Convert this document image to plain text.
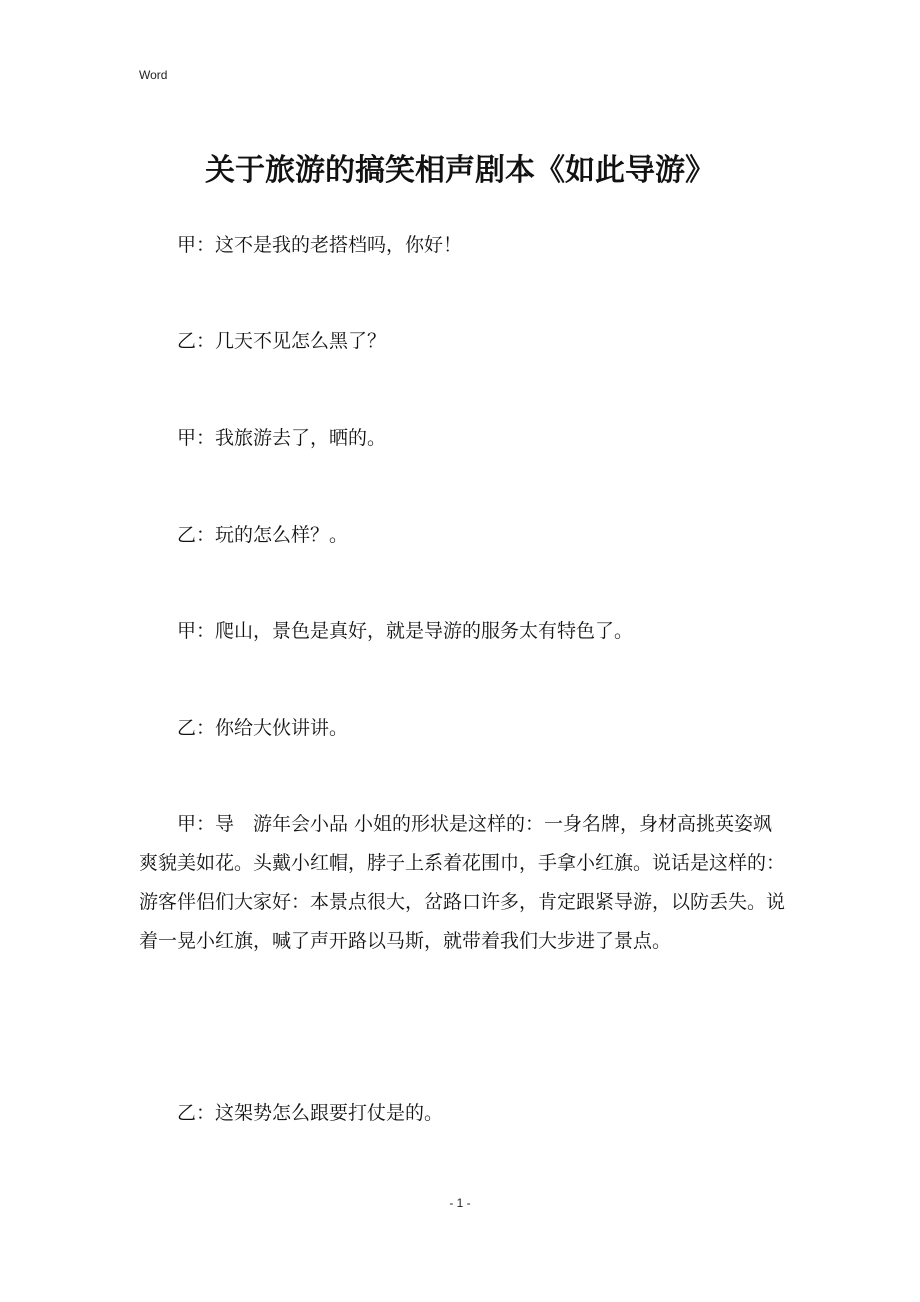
Word
关于旅游的搞笑相声剧本《如此导游》

甲：这不是我的老搭档吗，你好！

乙：几天不见怎么黑了？

甲：我旅游去了，晒的。

乙：玩的怎么样？。

甲：爬山，景色是真好，就是导游的服务太有特色了。

乙：你给大伙讲讲。

甲：导　游年会小品 小姐的形状是这样的：一身名牌，身材高挑英姿飒爽貌美如花。头戴小红帽，脖子上系着花围巾，手拿小红旗。说话是这样的：游客伴侣们大家好：本景点很大，岔路口许多，肯定跟紧导游，以防丢失。说着一晃小红旗，喊了声开路以马斯，就带着我们大步进了景点。

乙：这架势怎么跟要打仗是的。

- 1 -
